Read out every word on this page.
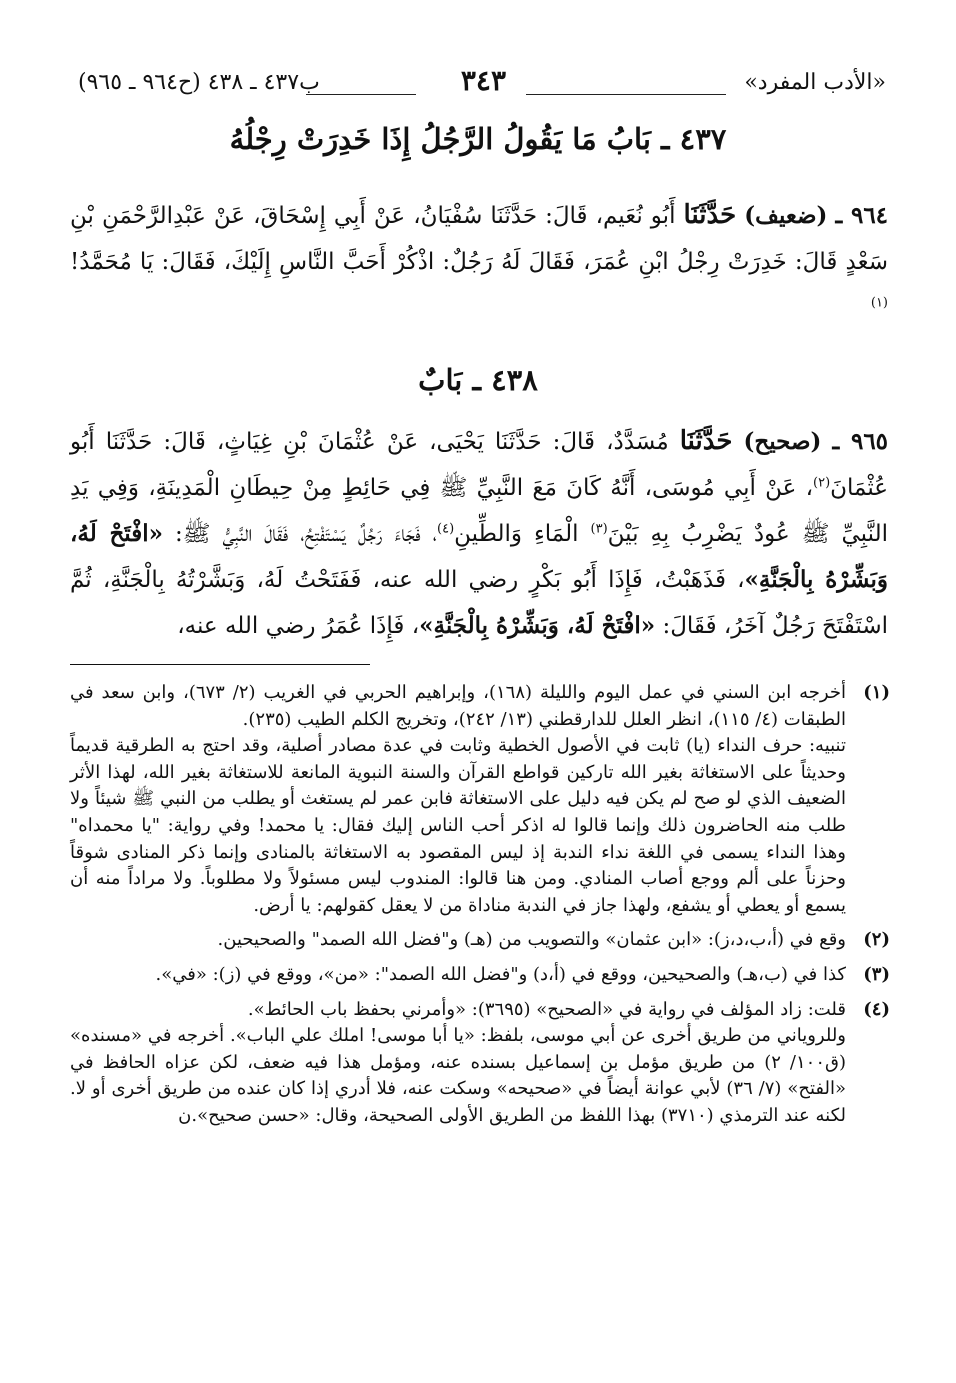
«الأدب المفرد»
٣٤٣
ب٤٣٧ ـ ٤٣٨ (ح٩٦٤ ـ ٩٦٥)
٤٣٧ ـ بَابُ مَا يَقُولُ الرَّجُلُ إِذَا خَدِرَتْ رِجْلُهُ
٩٦٤ ـ (ضعيف) حَدَّثَنَا أَبُو نُعَيم، قَالَ: حَدَّثَنَا سُفْيَانُ، عَنْ أَبِي إِسْحَاقَ، عَنْ عَبْدِالرَّحْمَنِ بْنِ سَعْدٍ قَالَ: خَدِرَتْ رِجْلُ ابْنِ عُمَرَ، فَقَالَ لَهُ رَجُلٌ: اذْكُرْ أَحَبَّ النَّاسِ إِلَيْكَ، فَقَالَ: يَا مُحَمَّدُ!$^{(١)}$
٤٣٨ ـ بَابٌ
٩٦٥ ـ (صحيح) حَدَّثَنَا مُسَدَّدٌ، قَالَ: حَدَّثَنَا يَحْيَى، عَنْ عُثْمَانَ بْنِ غِيَاثٍ، قَالَ: حَدَّثَنَا أَبُو عُثْمَانَ$^{(٢)}$، عَنْ أَبِي مُوسَى، أَنَّهُ كَانَ مَعَ النَّبِيِّ ﷺ فِي حَائِطٍ مِنْ حِيطَانِ الْمَدِينَةِ، وَفِي يَدِ النَّبِيِّ ﷺ عُودٌ يَضْرِبُ بِهِ بَيْنَ$^{(٣)}$ الْمَاءِ وَالطِّينِ$^{(٤)}$، فَجَاءَ رَجُلٌ يَسْتَفْتِحُ، فَقَالَ النَّبِيُّ ﷺ: «افْتَحْ لَهُ، وَبَشِّرْهُ بِالْجَنَّةِ»، فَذَهَبْتُ، فَإِذَا أَبُو بَكْرٍ رضي الله عنه، فَفَتَحْتُ لَهُ، وَبَشَّرْتُهُ بِالْجَنَّةِ، ثُمَّ اسْتَفْتَحَ رَجُلٌ آخَرُ، فَقَالَ: «افْتَحْ لَهُ، وَبَشِّرْهُ بِالْجَنَّةِ»، فَإِذَا عُمَرُ رضي الله عنه،
(١)

أخرجه ابن السني في عمل اليوم والليلة (١٦٨)، وإبراهيم الحربي في الغريب (٢/ ٦٧٣)، وابن سعد في الطبقات (٤/ ١١٥)، انظر العلل للدارقطني (١٣/ ٢٤٢)، وتخريج الكلم الطيب (٢٣٥).

تنبيه: حرف النداء (يا) ثابت في الأصول الخطية وثابت في عدة مصادر أصلية، وقد احتج به الطرقية قديماً وحديثاً على الاستغاثة بغير الله تاركين قواطع القرآن والسنة النبوية المانعة للاستغاثة بغير الله، لهذا الأثر الضعيف الذي لو صح لم يكن فيه دليل على الاستغاثة فابن عمر لم يستغث أو يطلب من النبي ﷺ شيئاً ولا طلب منه الحاضرون ذلك وإنما قالوا له اذكر أحب الناس إليك فقال: يا محمد! وفي رواية: "يا محمداه" وهذا النداء يسمى في اللغة نداء الندبة إذ ليس المقصود به الاستغاثة بالمنادى وإنما ذكر المنادى شوقاً وحزناً على ألم ووجع أصاب المنادي. ومن هنا قالوا: المندوب ليس مسئولاً ولا مطلوباً. ولا مراداً منه أن يسمع أو يعطي أو يشفع، ولهذا جاز في الندبة مناداة من لا يعقل كقولهم: يا أرض.

(٢)

وقع في (أ،ب،د،ز): «ابن عثمان» والتصويب من (هـ) و"فضل الله الصمد" والصحيحين.

(٣)

كذا في (ب،هـ) والصحيحين، ووقع في (أ،د) و"فضل الله الصمد": «من»، ووقع في (ز): «في».

(٤)

قلت: زاد المؤلف في رواية في «الصحيح» (٣٦٩٥): «وأمرني بحفظ باب الحائط».

وللروياني من طريق أخرى عن أبي موسى، بلفظ: «يا أبا موسى! املك علي الباب». أخرجه في «مسنده» (ق١٠٠/ ٢) من طريق مؤمل بن إسماعيل بسنده عنه، ومؤمل هذا فيه ضعف، لكن عزاه الحافظ في «الفتح» (٧/ ٣٦) لأبي عوانة أيضاً في «صحيحه» وسكت عنه، فلا أدري إذا كان عنده من طريق أخرى أو لا. لكنه عند الترمذي (٣٧١٠) بهذا اللفظ من الطريق الأولى الصحيحة، وقال: «حسن صحيح».ن
